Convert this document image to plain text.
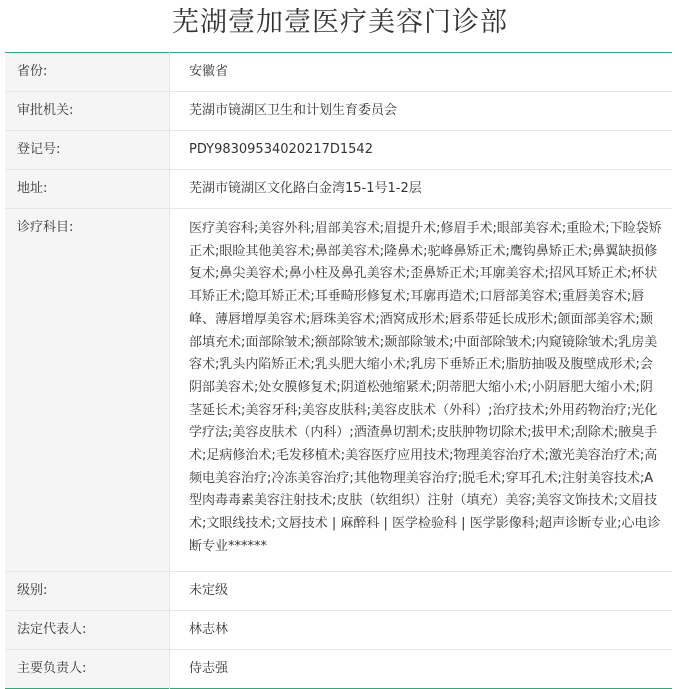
芜湖壹加壹医疗美容门诊部
省份:	安徽省
审批机关:	芜湖市镜湖区卫生和计划生育委员会
登记号:	PDY98309534020217D1542
地址:	芜湖市镜湖区文化路白金湾15-1号1-2层
诊疗科目:	医疗美容科;美容外科;眉部美容术;眉提升术;修眉手术;眼部美容术;重睑术;下睑袋矫正术;眼睑其他美容术;鼻部美容术;隆鼻术;驼峰鼻矫正术;鹰钩鼻矫正术;鼻翼缺损修复术;鼻尖美容术;鼻小柱及鼻孔美容术;歪鼻矫正术;耳廓美容术;招风耳矫正术;杯状耳矫正术;隐耳矫正术;耳垂畸形修复术;耳廓再造术;口唇部美容术;重唇美容术;唇峰、薄唇增厚美容术;唇珠美容术;酒窝成形术;唇系带延长成形术;颌面部美容术;颞部填充术;面部除皱术;额部除皱术;颞部除皱术;中面部除皱术;内窥镜除皱术;乳房美容术;乳头内陷矫正术;乳头肥大缩小术;乳房下垂矫正术;脂肪抽吸及腹壁成形术;会阴部美容术;处女膜修复术;阴道松弛缩紧术;阴蒂肥大缩小术;小阴唇肥大缩小术;阴茎延长术;美容牙科;美容皮肤科;美容皮肤术（外科）;治疗技术;外用药物治疗;光化学疗法;美容皮肤术（内科）;酒渣鼻切割术;皮肤肿物切除术;拔甲术;刮除术;腋臭手术;足病修治术;毛发移植术;美容医疗应用技术;物理美容治疗术;激光美容治疗术;高频电美容治疗;冷冻美容治疗;其他物理美容治疗;脱毛术;穿耳孔术;注射美容技术;A型肉毒毒素美容注射技术;皮肤（软组织）注射（填充）美容;美容文饰技术;文眉技术;文眼线技术;文唇技术 | 麻醉科 | 医学检验科 | 医学影像科;超声诊断专业;心电诊断专业******
级别:	未定级
法定代表人:	林志林
主要负责人:	侍志强
